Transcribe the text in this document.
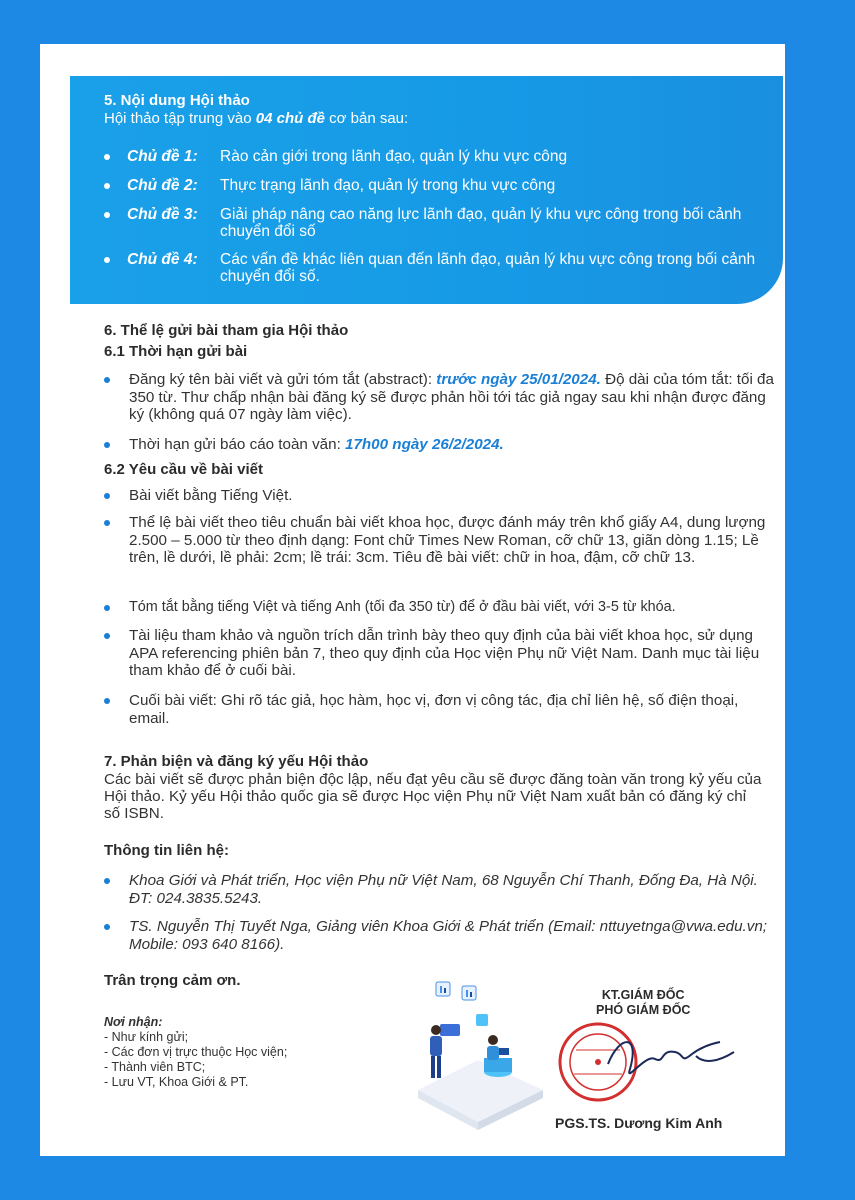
5. Nội dung Hội thảo
Hội thảo tập trung vào 04 chủ đề cơ bản sau:
Chủ đề 1: Rào cản giới trong lãnh đạo, quản lý khu vực công
Chủ đề 2: Thực trạng lãnh đạo, quản lý trong khu vực công
Chủ đề 3: Giải pháp nâng cao năng lực lãnh đạo, quản lý khu vực công trong bối cảnh chuyển đổi số
Chủ đề 4: Các vấn đề khác liên quan đến lãnh đạo, quản lý khu vực công trong bối cảnh chuyển đổi số.
6. Thể lệ gửi bài tham gia Hội thảo
6.1 Thời hạn gửi bài
Đăng ký tên bài viết và gửi tóm tắt (abstract): trước ngày 25/01/2024. Độ dài của tóm tắt: tối đa 350 từ. Thư chấp nhận bài đăng ký sẽ được phản hồi tới tác giả ngay sau khi nhận được đăng ký (không quá 07 ngày làm việc).
Thời hạn gửi báo cáo toàn văn: 17h00 ngày 26/2/2024.
6.2 Yêu cầu về bài viết
Bài viết bằng Tiếng Việt.
Thể lệ bài viết theo tiêu chuẩn bài viết khoa học, được đánh máy trên khổ giấy A4, dung lượng 2.500 – 5.000 từ theo định dạng: Font chữ Times New Roman, cỡ chữ 13, giãn dòng 1.15; Lề trên, lề dưới, lề phải: 2cm; lề trái: 3cm. Tiêu đề bài viết: chữ in hoa, đậm, cỡ chữ 13.
Tóm tắt bằng tiếng Việt và tiếng Anh (tối đa 350 từ) để ở đầu bài viết, với 3-5 từ khóa.
Tài liệu tham khảo và nguồn trích dẫn trình bày theo quy định của bài viết khoa học, sử dụng APA referencing phiên bản 7, theo quy định của Học viện Phụ nữ Việt Nam. Danh mục tài liệu tham khảo để ở cuối bài.
Cuối bài viết: Ghi rõ tác giả, học hàm, học vị, đơn vị công tác, địa chỉ liên hệ, số điện thoại, email.
7. Phản biện và đăng ký yếu Hội thảo
Các bài viết sẽ được phản biện độc lập, nếu đạt yêu cầu sẽ được đăng toàn văn trong kỷ yếu của Hội thảo. Kỷ yếu Hội thảo quốc gia sẽ được Học viện Phụ nữ Việt Nam xuất bản có đăng ký chỉ số ISBN.
Thông tin liên hệ:
Khoa Giới và Phát triển, Học viện Phụ nữ Việt Nam, 68 Nguyễn Chí Thanh, Đống Đa, Hà Nội. ĐT: 024.3835.5243.
TS. Nguyễn Thị Tuyết Nga, Giảng viên Khoa Giới & Phát triển (Email: nttuyetnga@vwa.edu.vn; Mobile: 093 640 8166).
Trân trọng cảm ơn.
Nơi nhận:
- Như kính gửi;
- Các đơn vị trực thuộc Học viện;
- Thành viên BTC;
- Lưu VT, Khoa Giới & PT.
KT.GIÁM ĐỐC
PHÓ GIÁM ĐỐC
PGS.TS. Dương Kim Anh
